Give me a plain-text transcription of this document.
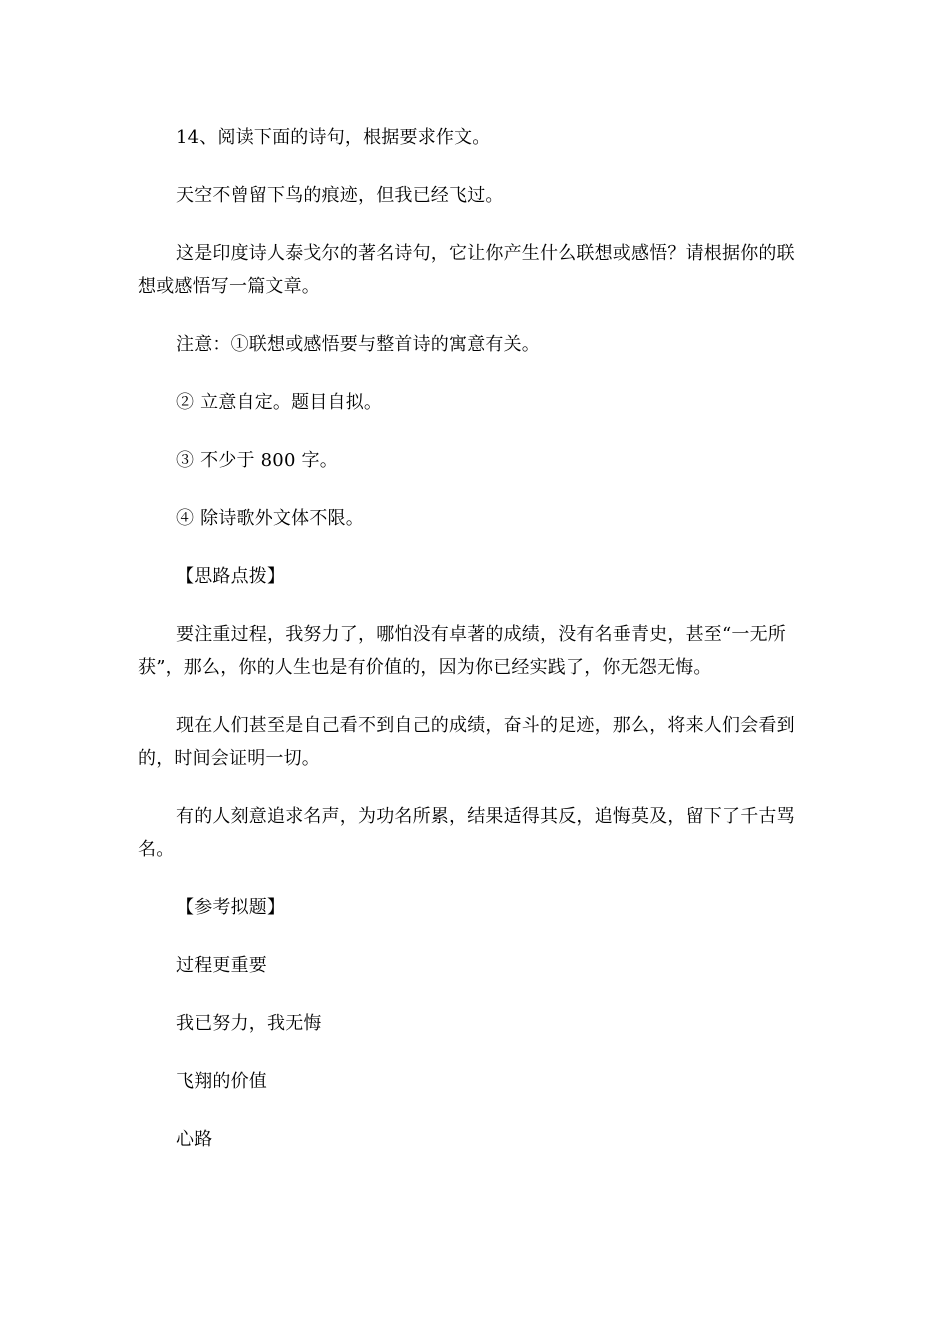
14、阅读下面的诗句，根据要求作文。

天空不曾留下鸟的痕迹，但我已经飞过。

这是印度诗人泰戈尔的著名诗句，它让你产生什么联想或感悟？请根据你的联想或感悟写一篇文章。

注意：①联想或感悟要与整首诗的寓意有关。

② 立意自定。题目自拟。

③ 不少于 800 字。

④ 除诗歌外文体不限。

【思路点拨】

要注重过程，我努力了，哪怕没有卓著的成绩，没有名垂青史，甚至“一无所获”，那么，你的人生也是有价值的，因为你已经实践了，你无怨无悔。

现在人们甚至是自己看不到自己的成绩，奋斗的足迹，那么，将来人们会看到的，时间会证明一切。

有的人刻意追求名声，为功名所累，结果适得其反，追悔莫及，留下了千古骂名。

【参考拟题】

过程更重要

我已努力，我无悔

飞翔的价值

心路
